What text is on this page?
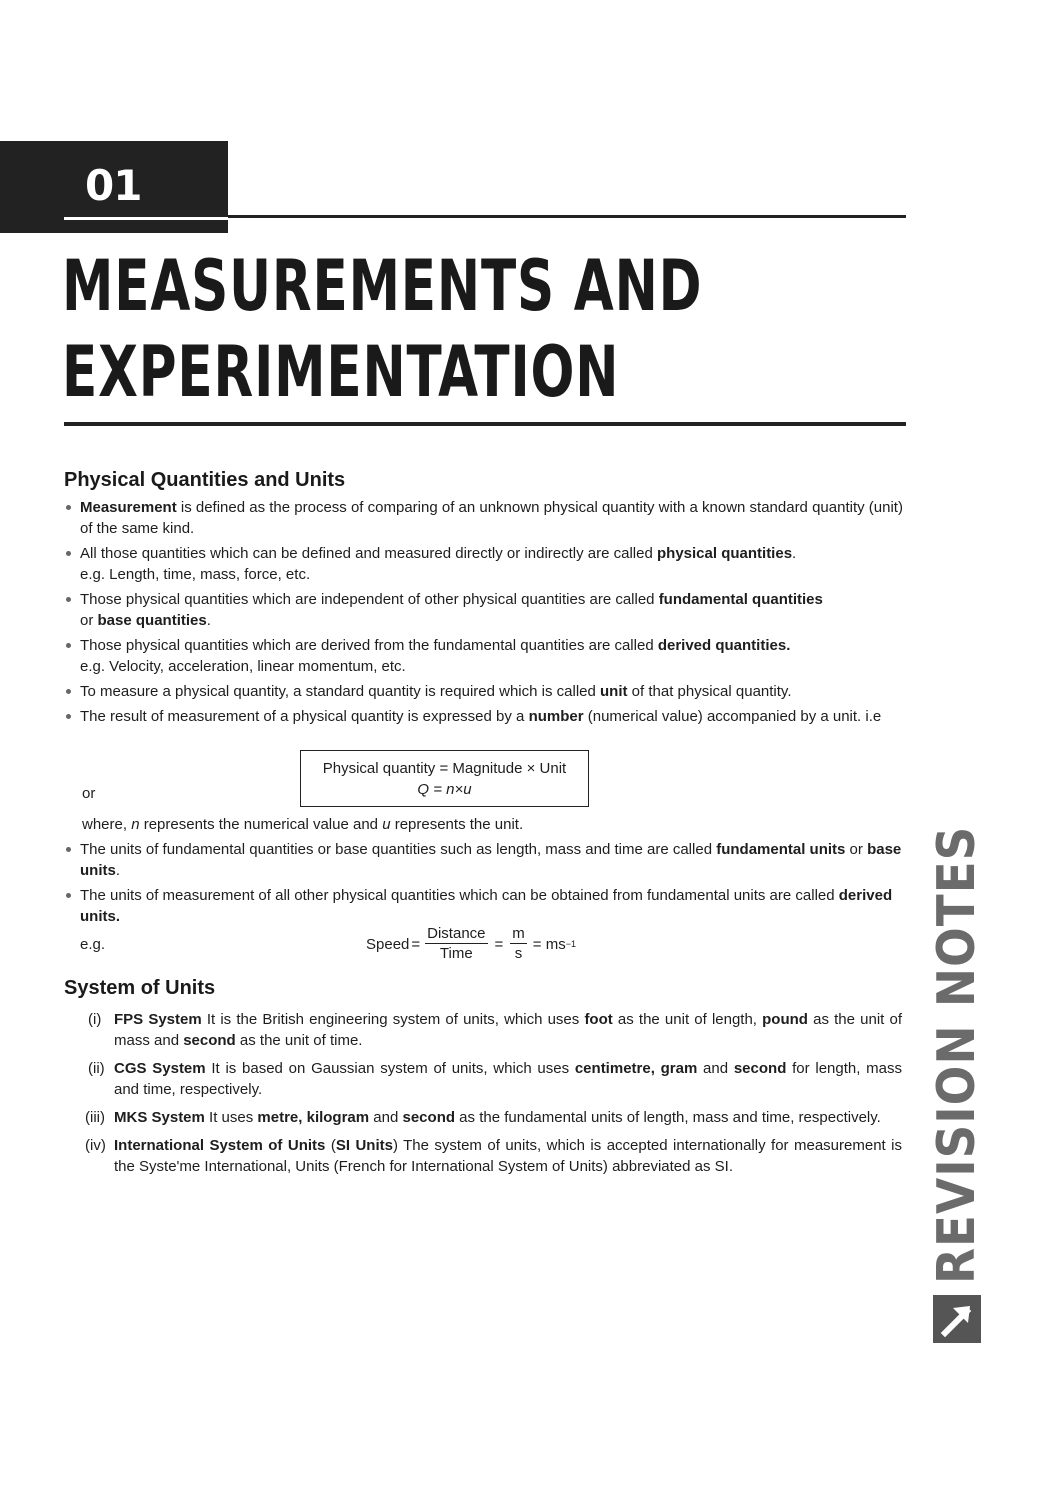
01
MEASUREMENTS AND
EXPERIMENTATION
Physical Quantities and Units
Measurement is defined as the process of comparing of an unknown physical quantity with a known standard quantity (unit) of the same kind.
All those quantities which can be defined and measured directly or indirectly are called physical quantities.
e.g. Length, time, mass, force, etc.
Those physical quantities which are independent of other physical quantities are called fundamental quantities
or base quantities.
Those physical quantities which are derived from the fundamental quantities are called derived quantities.
e.g. Velocity, acceleration, linear momentum, etc.
To measure a physical quantity, a standard quantity is required which is called unit of that physical quantity.
The result of measurement of a physical quantity is expressed by a number (numerical value) accompanied by a unit. i.e
Physical quantity = Magnitude × Unit
Q = n×u
or
where, n represents the numerical value and u represents the unit.
The units of fundamental quantities or base quantities such as length, mass and time are called fundamental units or base units.
The units of measurement of all other physical quantities which can be obtained from fundamental units are called derived units.
e.g.	Speed = $\frac{\text{Distance}}{\text{Time}} = \frac{m}{s}$ = ms −1
System of Units
(i) FPS System It is the British engineering system of units, which uses foot as the unit of length, pound as the unit of mass and second as the unit of time.
(ii) CGS System It is based on Gaussian system of units, which uses centimetre, gram and second for length, mass and time, respectively.
(iii) MKS System It uses metre, kilogram and second as the fundamental units of length, mass and time, respectively.
(iv) International System of Units (SI Units) The system of units, which is accepted internationally for measurement is the Syste'me International, Units (French for International System of Units) abbreviated as SI.	REVISION NOTES
